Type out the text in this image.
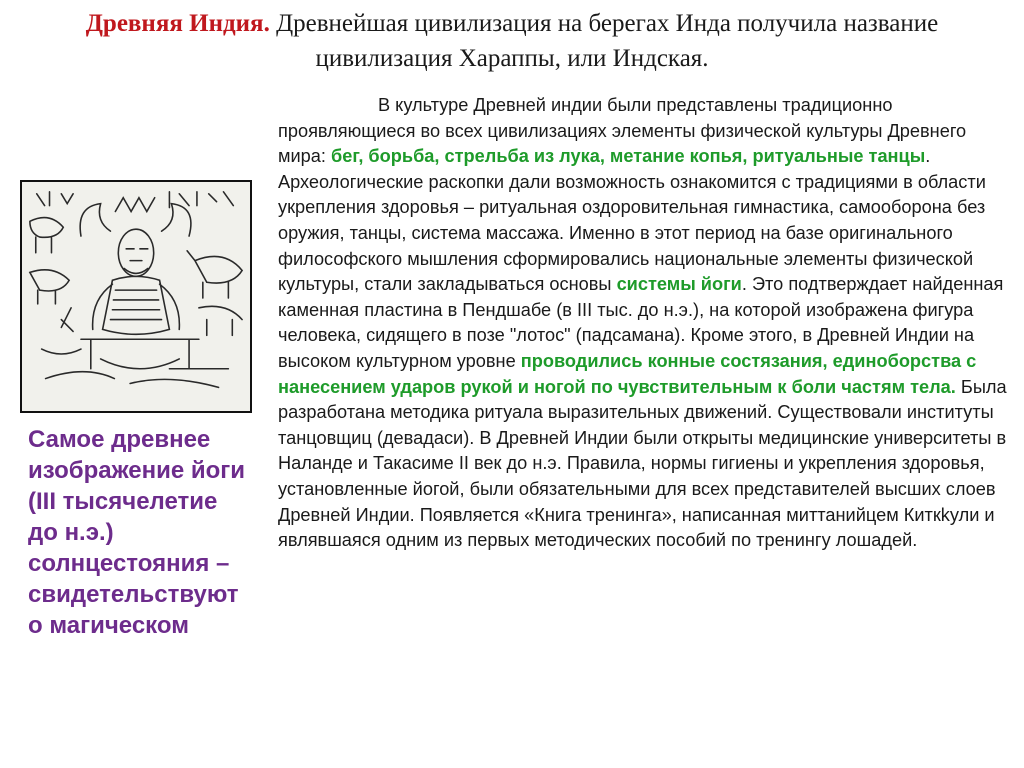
Древняя Индия. Древнейшая цивилизация на берегах Инда получила название цивилизация Хараппы, или Индская.

Самое древнее изображение йоги (III тысячелетие до н.э.) солнцестояния – свидетельствуют о магическом

В культуре Древней индии были представлены традиционно проявляющиеся во всех цивилизациях элементы физической культуры Древнего мира: бег, борьба, стрельба из лука, метание копья, ритуальные танцы. Археологические раскопки дали возможность ознакомится с традициями в области укрепления здоровья – ритуальная оздоровительная гимнастика, самооборона без оружия, танцы, система массажа. Именно в этот период на базе оригинального философского мышления сформировались национальные элементы физической культуры, стали закладываться основы системы йоги. Это подтверждает найденная каменная пластина в Пендшабе (в III тыс. до н.э.), на которой изображена фигура человека, сидящего в позе "лотос" (падсамана). Кроме этого, в Древней Индии на высоком культурном уровне проводились конные состязания, единоборства с нанесением ударов рукой и ногой по чувствительным к боли частям тела. Была разработана методика ритуала выразительных движений. Существовали институты танцовщиц (девадаси). В Древней Индии были открыты медицинские университеты в Наланде и Такасиме II век до н.э. Правила, нормы гигиены и укрепления здоровья, установленные йогой, были обязательными для всех представителей высших слоев Древней Индии. Появляется «Книга тренинга», написанная миттанийцем Киткkули и являвшаяся одним из первых методических пособий по тренингу лошадей.
